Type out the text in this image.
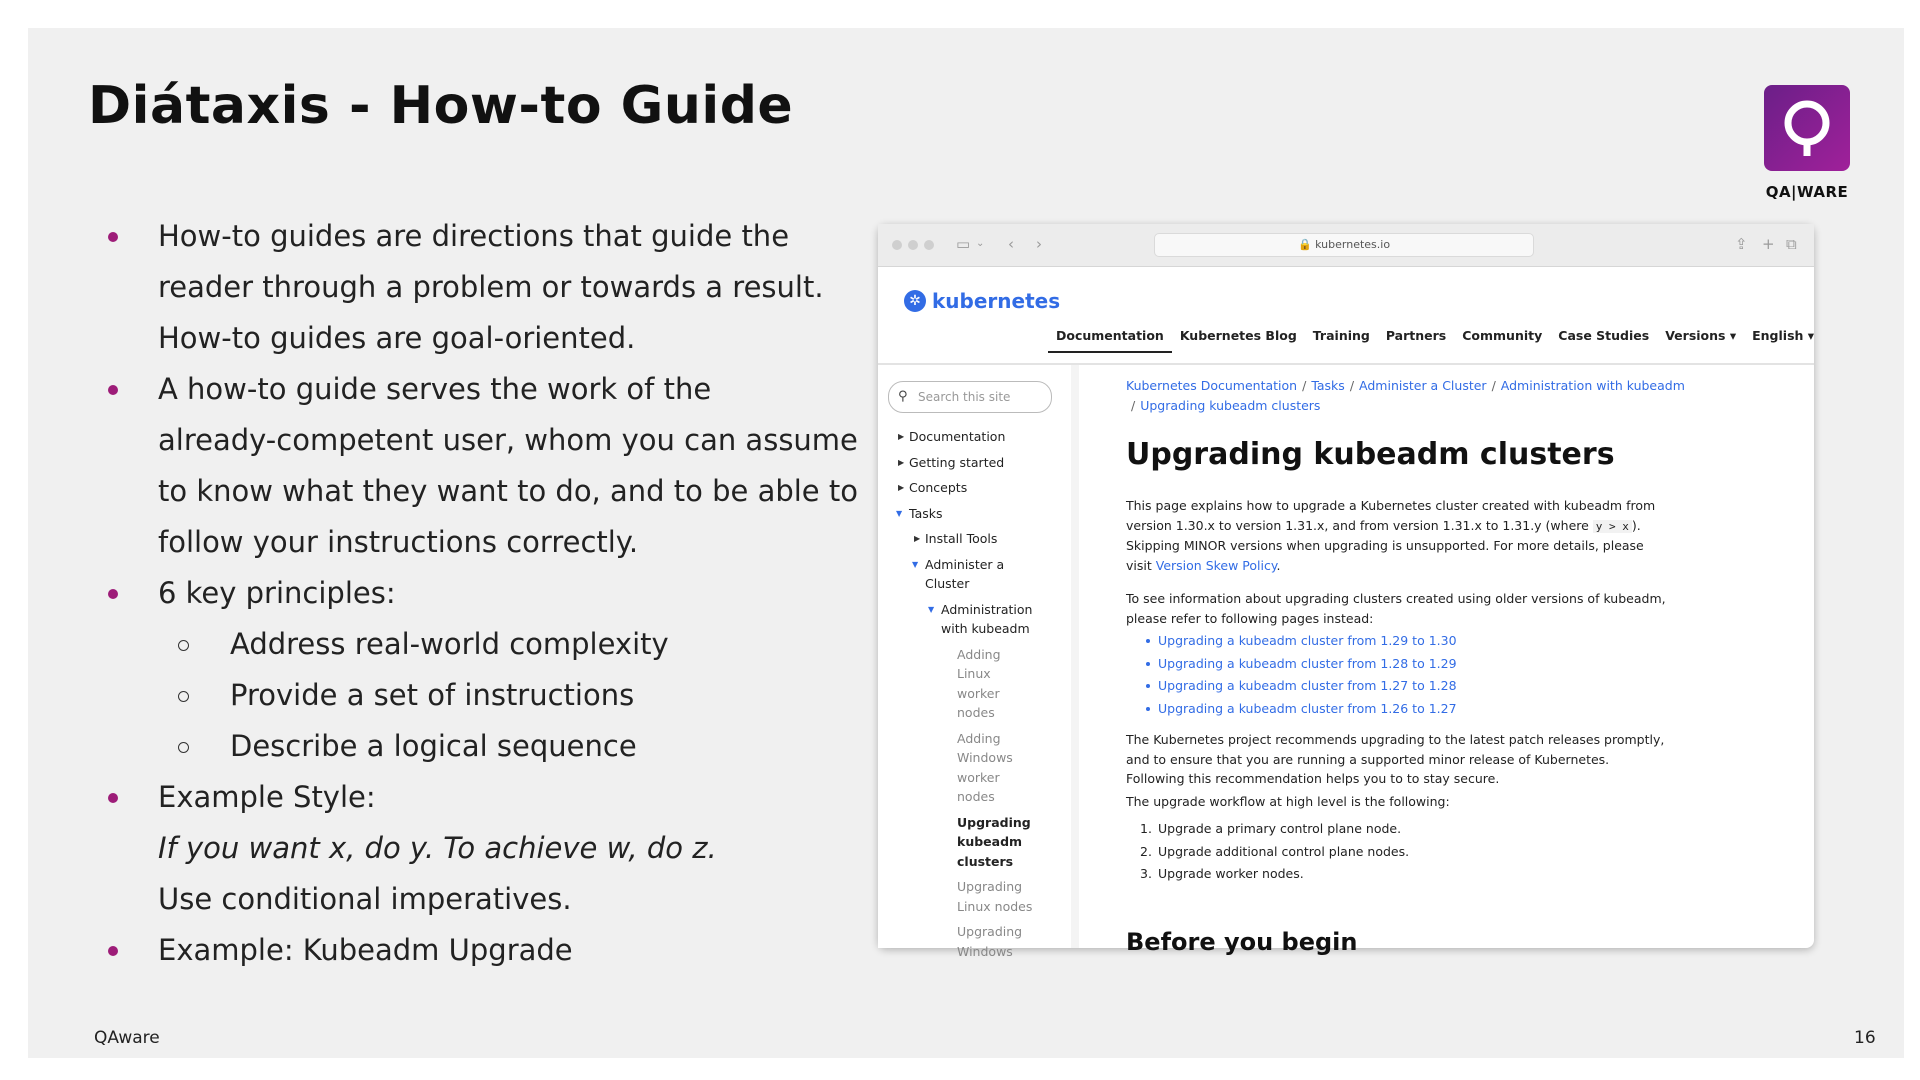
Diátaxis - How-to Guide
QA|WARE
How-to guides are directions that guide the
reader through a problem or towards a result.
How-to guides are goal-oriented.
A how-to guide serves the work of the
already-competent user, whom you can assume
to know what they want to do, and to be able to
follow your instructions correctly.
6 key principles:
Address real-world complexity
Provide a set of instructions
Describe a logical sequence
Example Style:
If you want x, do y. To achieve w, do z.
Use conditional imperatives.
Example: Kubeadm Upgrade
QAware	16
▭ ⌄ ‹ ›	🔒 kubernetes.io	⇪ + ⧉
✲ kubernetes
Documentation	Kubernetes Blog	Training	Partners	Community	Case Studies	Versions ▾	English ▾
⚲ Search this site
▶ Documentation
▶ Getting started
▶ Concepts
▼ Tasks
▶ Install Tools
▼ Administer a
Cluster
▼ Administration
with kubeadm
Adding
Linux
worker
nodes
Adding
Windows
worker
nodes
Upgrading
kubeadm
clusters
Upgrading
Linux nodes
Upgrading
Windows
Kubernetes Documentation / Tasks / Administer a Cluster / Administration with kubeadm
/ Upgrading kubeadm clusters
Upgrading kubeadm clusters
This page explains how to upgrade a Kubernetes cluster created with kubeadm from version 1.30.x to version 1.31.x, and from version 1.31.x to 1.31.y (where y > x ). Skipping MINOR versions when upgrading is unsupported. For more details, please visit Version Skew Policy.
To see information about upgrading clusters created using older versions of kubeadm, please refer to following pages instead:
Upgrading a kubeadm cluster from 1.29 to 1.30
Upgrading a kubeadm cluster from 1.28 to 1.29
Upgrading a kubeadm cluster from 1.27 to 1.28
Upgrading a kubeadm cluster from 1.26 to 1.27
The Kubernetes project recommends upgrading to the latest patch releases promptly, and to ensure that you are running a supported minor release of Kubernetes. Following this recommendation helps you to to stay secure.
The upgrade workflow at high level is the following:
1. Upgrade a primary control plane node.
2. Upgrade additional control plane nodes.
3. Upgrade worker nodes.
Before you begin
